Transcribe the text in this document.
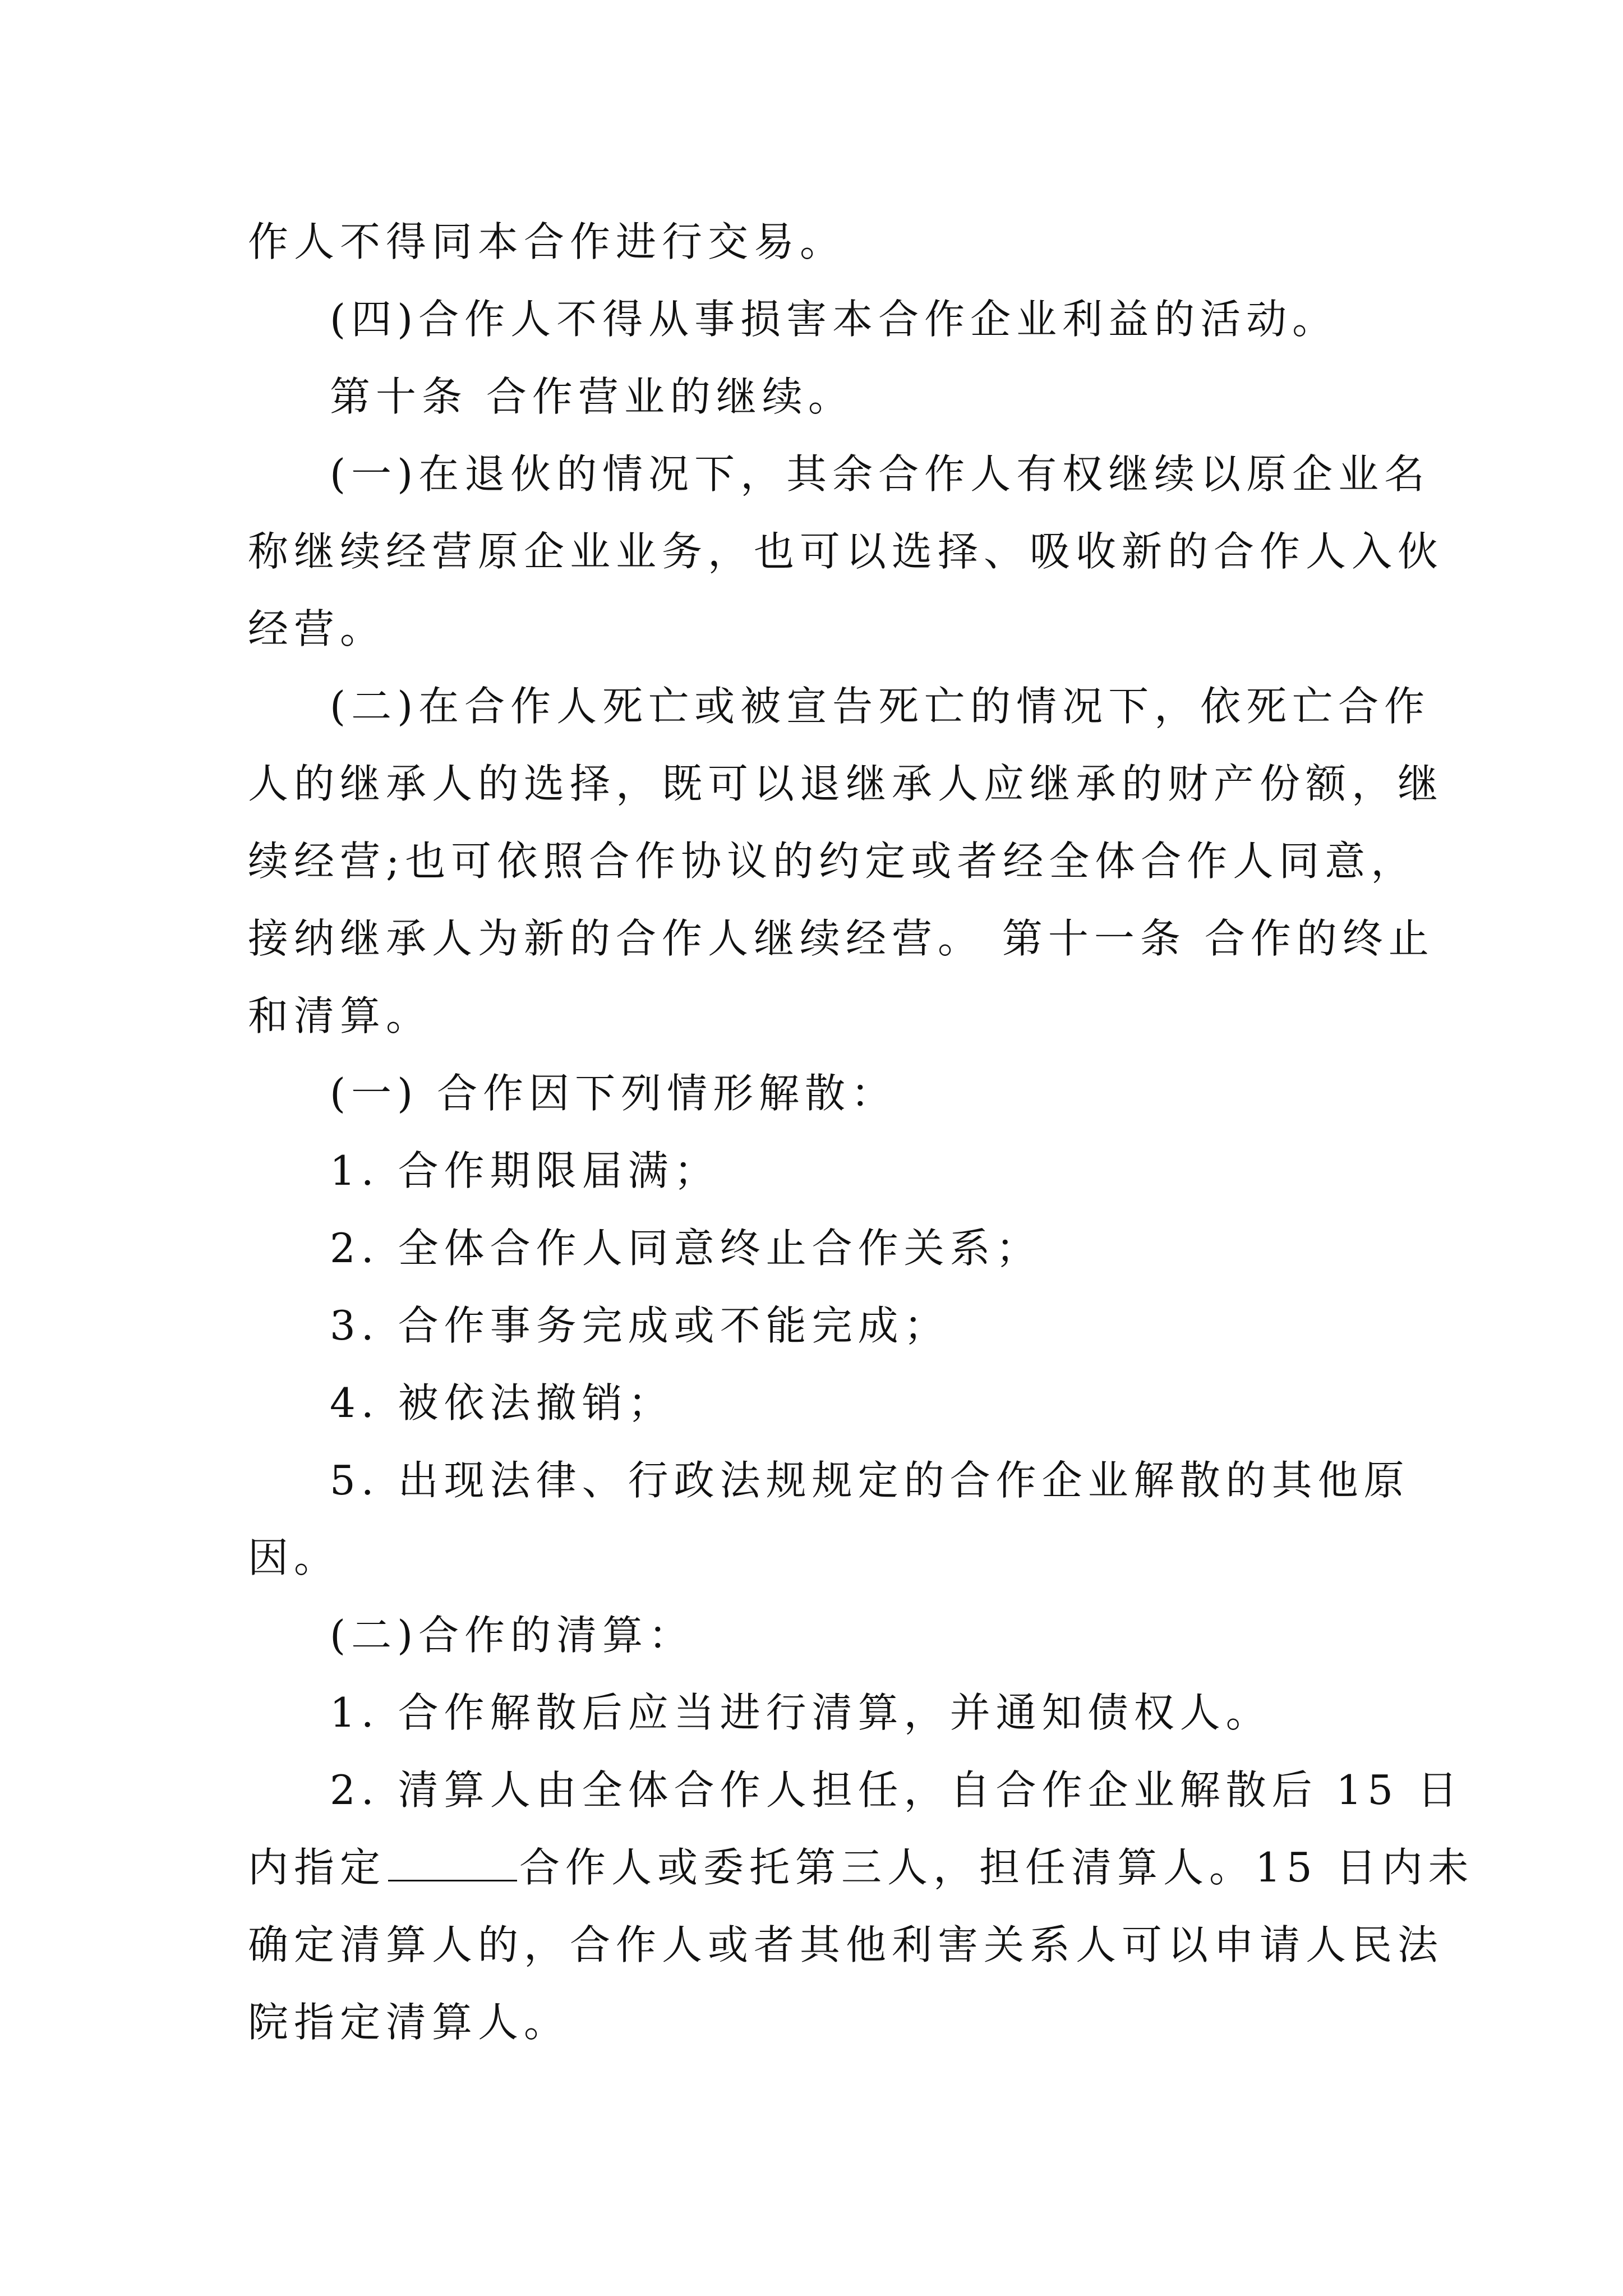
作人不得同本合作进行交易。
(四)合作人不得从事损害本合作企业利益的活动。
第十条 合作营业的继续。
(一)在退伙的情况下，其余合作人有权继续以原企业名
称继续经营原企业业务，也可以选择、吸收新的合作人入伙
经营。
(二)在合作人死亡或被宣告死亡的情况下，依死亡合作
人的继承人的选择，既可以退继承人应继承的财产份额，继
续经营;也可依照合作协议的约定或者经全体合作人同意，
接纳继承人为新的合作人继续经营。 第十一条 合作的终止
和清算。
(一) 合作因下列情形解散：
1. 合作期限届满；
2. 全体合作人同意终止合作关系；
3. 合作事务完成或不能完成；
4. 被依法撤销；
5. 出现法律、行政法规规定的合作企业解散的其他原
因。
(二)合作的清算：
1. 合作解散后应当进行清算，并通知债权人。
2. 清算人由全体合作人担任，自合作企业解散后 15 日
内指定	合作人或委托第三人，担任清算人。15 日内未
确定清算人的，合作人或者其他利害关系人可以申请人民法
院指定清算人。
